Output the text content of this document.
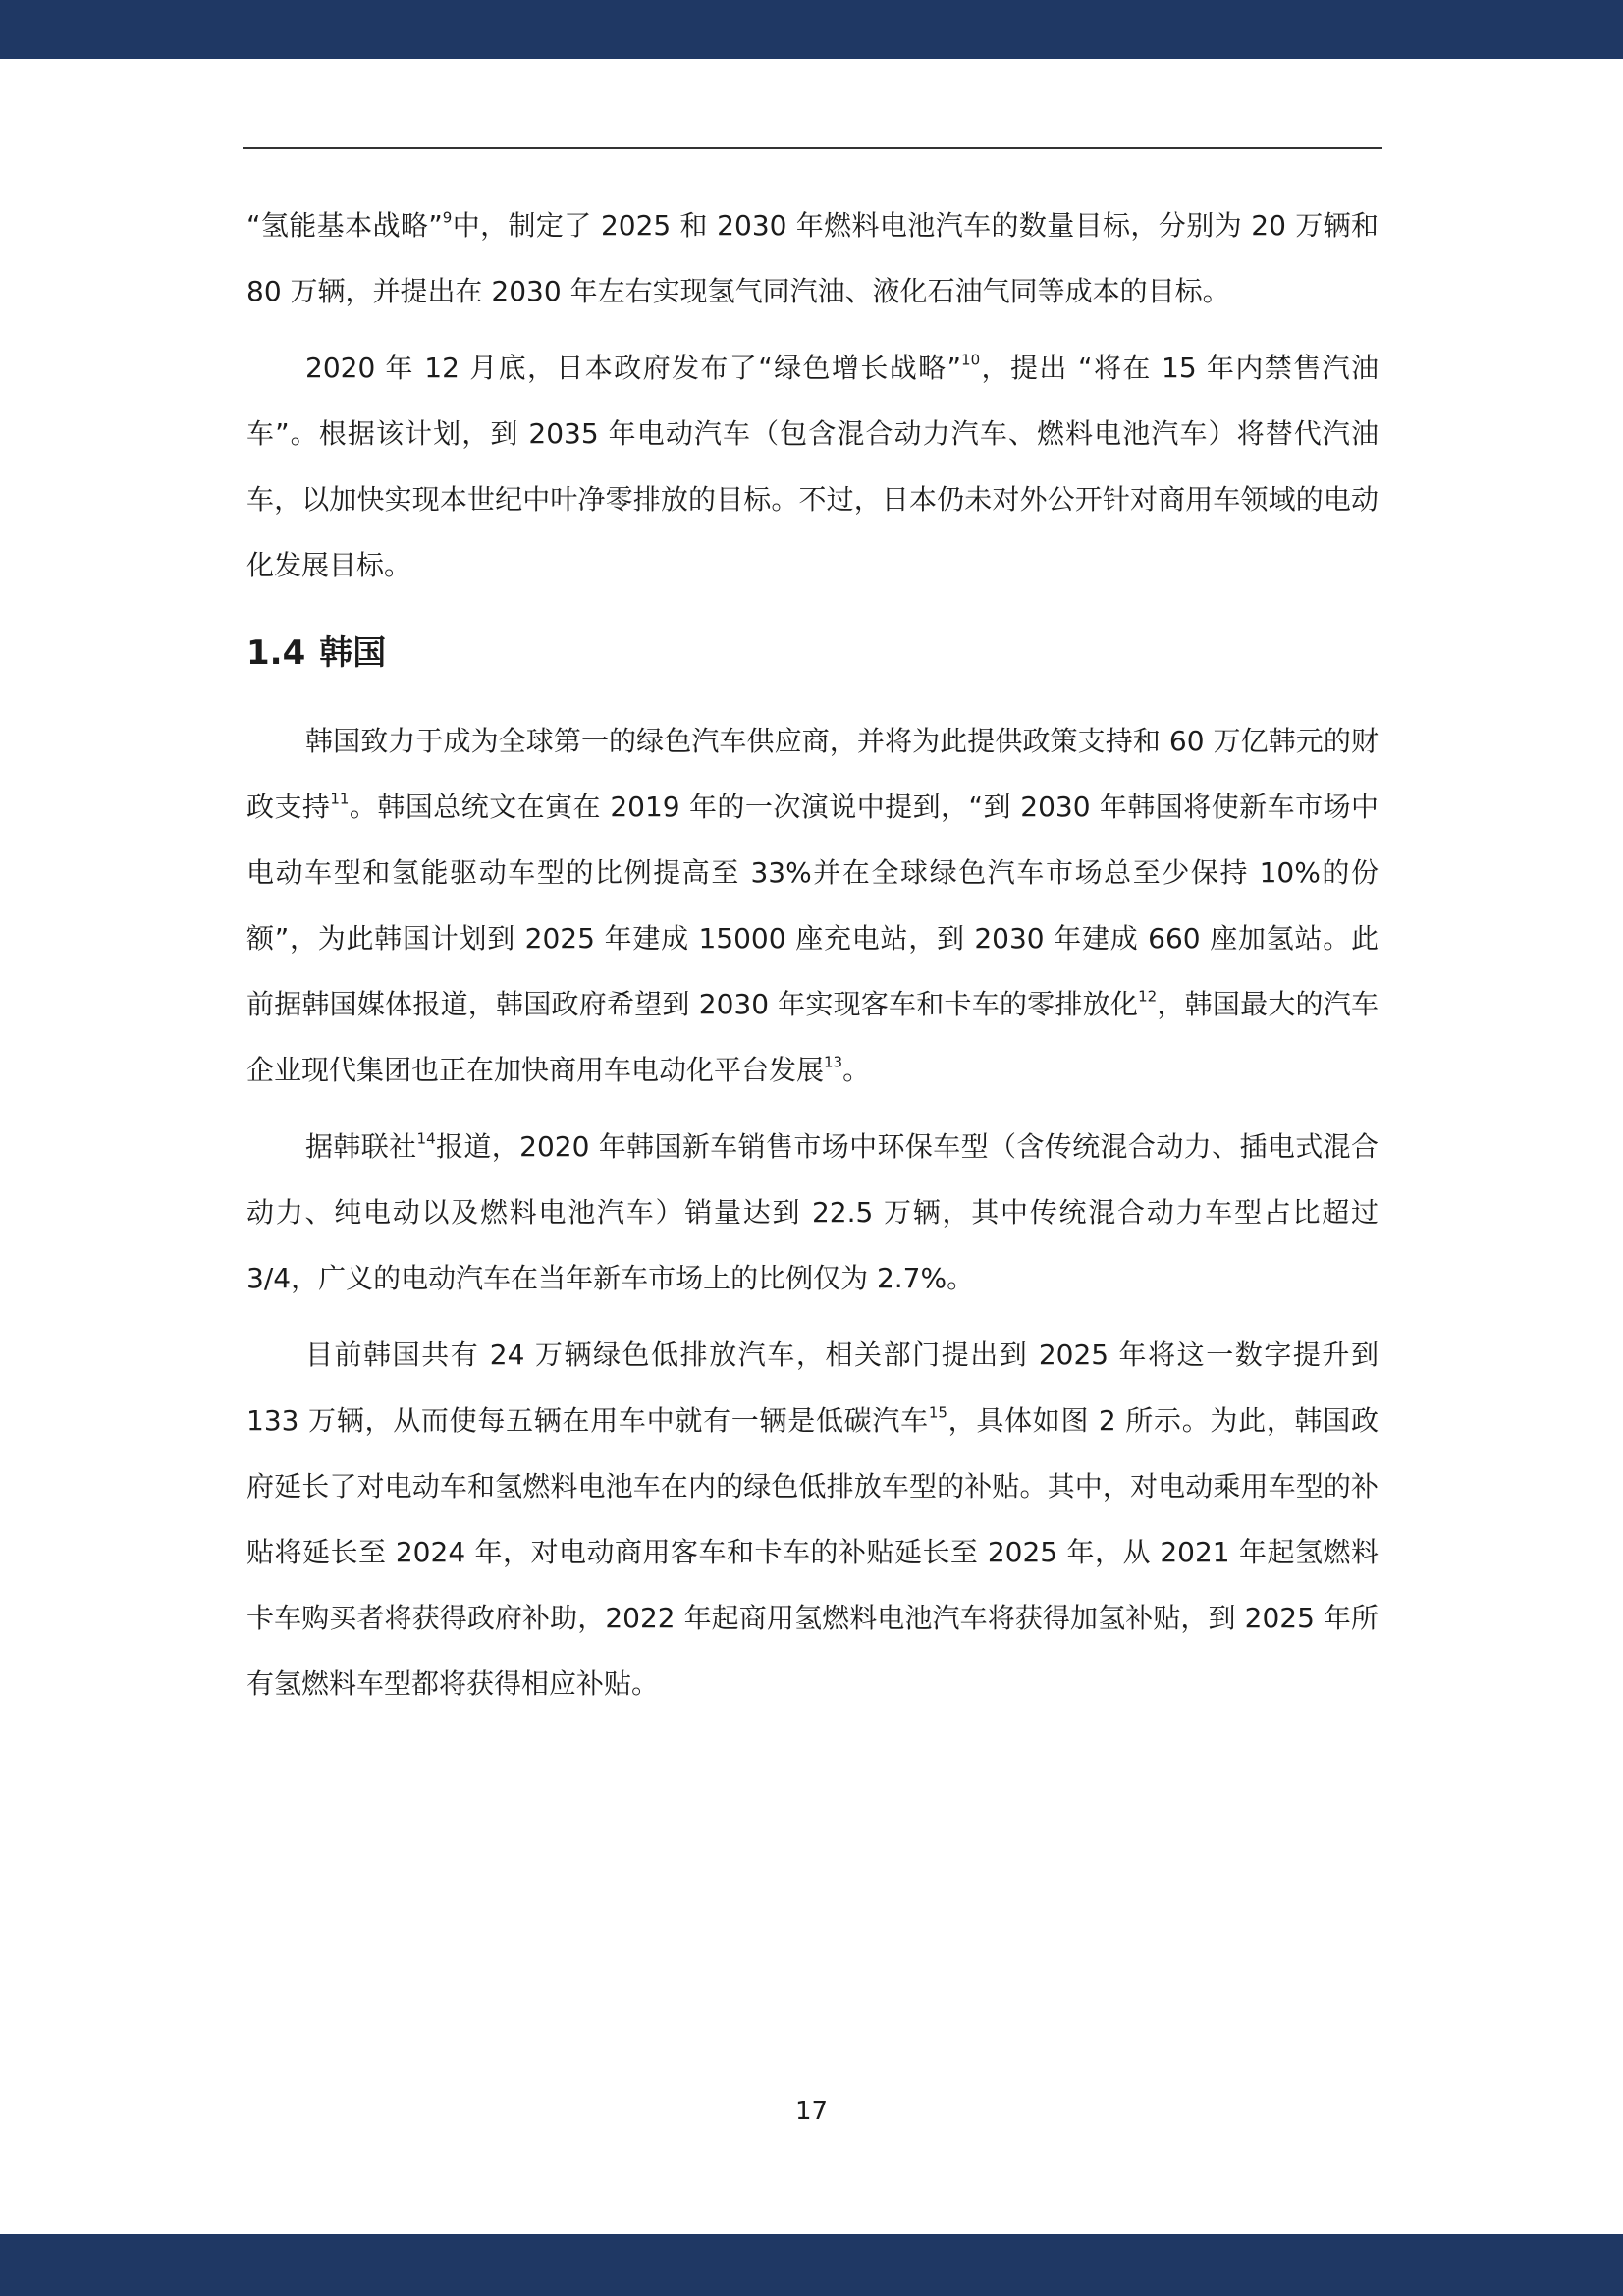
“氢能基本战略”$^9$中，制定了 2025 和 2030 年燃料电池汽车的数量目标，分别为 20 万辆和 80 万辆，并提出在 2030 年左右实现氢气同汽油、液化石油气同等成本的目标。

2020 年 12 月底，日本政府发布了“绿色增长战略”$^{10}$，提出 “将在 15 年内禁售汽油车”。根据该计划，到 2035 年电动汽车（包含混合动力汽车、燃料电池汽车）将替代汽油车，以加快实现本世纪中叶净零排放的目标。不过，日本仍未对外公开针对商用车领域的电动化发展目标。

1.4 韩国

韩国致力于成为全球第一的绿色汽车供应商，并将为此提供政策支持和 60 万亿韩元的财政支持$^{11}$。韩国总统文在寅在 2019 年的一次演说中提到，“到 2030 年韩国将使新车市场中电动车型和氢能驱动车型的比例提高至 33%并在全球绿色汽车市场总至少保持 10%的份额”，为此韩国计划到 2025 年建成 15000 座充电站，到 2030 年建成 660 座加氢站。此前据韩国媒体报道，韩国政府希望到 2030 年实现客车和卡车的零排放化$^{12}$，韩国最大的汽车企业现代集团也正在加快商用车电动化平台发展$^{13}$。

据韩联社$^{14}$报道，2020 年韩国新车销售市场中环保车型（含传统混合动力、插电式混合动力、纯电动以及燃料电池汽车）销量达到 22.5 万辆，其中传统混合动力车型占比超过 3/4，广义的电动汽车在当年新车市场上的比例仅为 2.7%。

目前韩国共有 24 万辆绿色低排放汽车，相关部门提出到 2025 年将这一数字提升到 133 万辆，从而使每五辆在用车中就有一辆是低碳汽车$^{15}$，具体如图 2 所示。为此，韩国政府延长了对电动车和氢燃料电池车在内的绿色低排放车型的补贴。其中，对电动乘用车型的补贴将延长至 2024 年，对电动商用客车和卡车的补贴延长至 2025 年，从 2021 年起氢燃料卡车购买者将获得政府补助，2022 年起商用氢燃料电池汽车将获得加氢补贴，到 2025 年所有氢燃料车型都将获得相应补贴。

17
